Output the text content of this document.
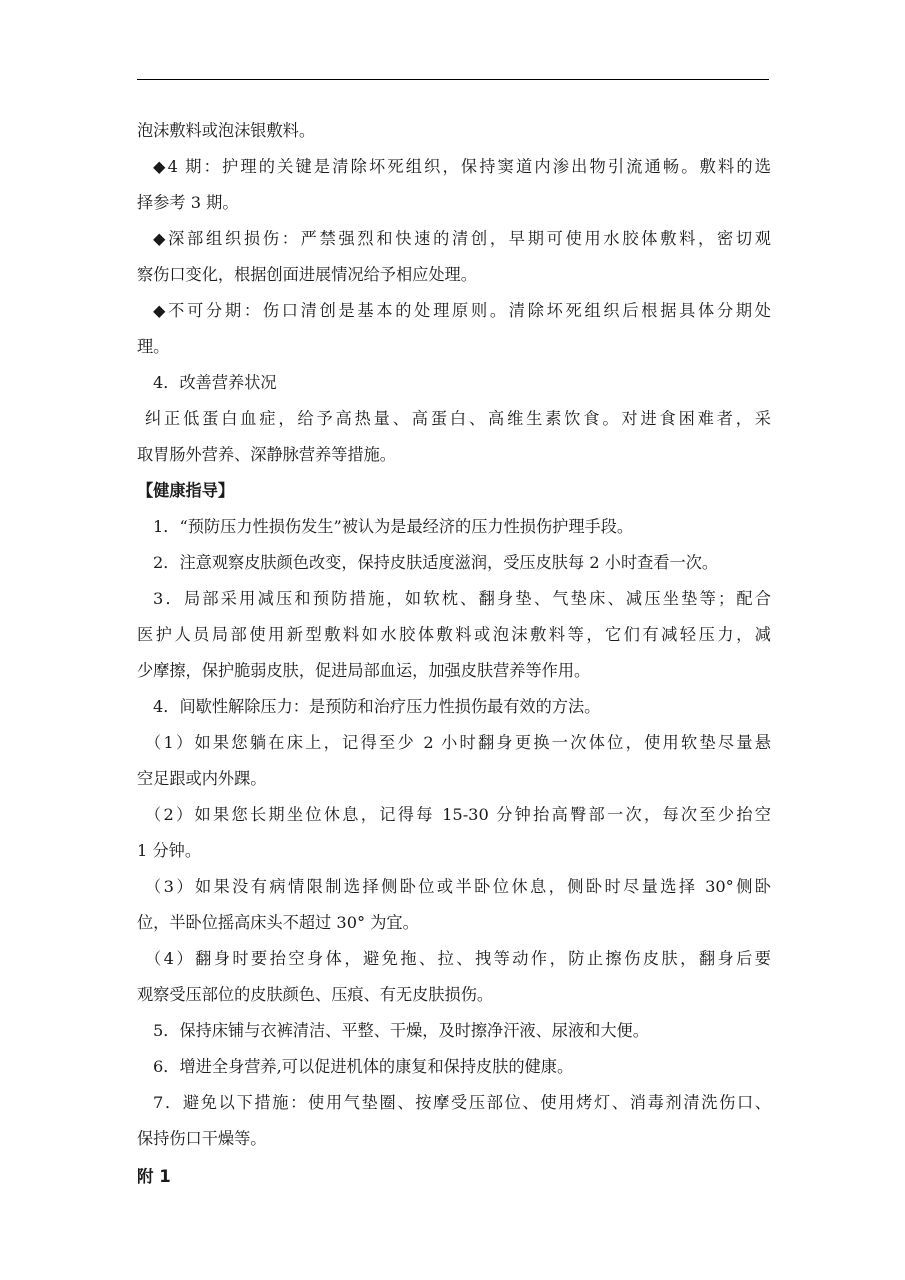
泡沫敷料或泡沫银敷料。
◆4 期：护理的关键是清除坏死组织，保持窦道内渗出物引流通畅。敷料的选
择参考 3 期。
◆深部组织损伤：严禁强烈和快速的清创，早期可使用水胶体敷料，密切观
察伤口变化，根据创面进展情况给予相应处理。
◆不可分期：伤口清创是基本的处理原则。清除坏死组织后根据具体分期处
理。
4．改善营养状况
纠正低蛋白血症，给予高热量、高蛋白、高维生素饮食。对进食困难者，采
取胃肠外营养、深静脉营养等措施。
【健康指导】
1．“预防压力性损伤发生”被认为是最经济的压力性损伤护理手段。
2．注意观察皮肤颜色改变，保持皮肤适度滋润，受压皮肤每 2 小时查看一次。
3．局部采用减压和预防措施，如软枕、翻身垫、气垫床、减压坐垫等；配合
医护人员局部使用新型敷料如水胶体敷料或泡沫敷料等，它们有减轻压力，减
少摩擦，保护脆弱皮肤，促进局部血运，加强皮肤营养等作用。
4．间歇性解除压力：是预防和治疗压力性损伤最有效的方法。
（1）如果您躺在床上，记得至少 2 小时翻身更换一次体位，使用软垫尽量悬
空足跟或内外踝。
（2）如果您长期坐位休息，记得每 15-30 分钟抬高臀部一次，每次至少抬空
1 分钟。
（3）如果没有病情限制选择侧卧位或半卧位休息，侧卧时尽量选择 30°侧卧
位，半卧位摇高床头不超过 30° 为宜。
（4）翻身时要抬空身体，避免拖、拉、拽等动作，防止擦伤皮肤，翻身后要
观察受压部位的皮肤颜色、压痕、有无皮肤损伤。
5．保持床铺与衣裤清洁、平整、干燥，及时擦净汗液、尿液和大便。
6．增进全身营养,可以促进机体的康复和保持皮肤的健康。
7．避免以下措施：使用气垫圈、按摩受压部位、使用烤灯、消毒剂清洗伤口、
保持伤口干燥等。
附 1
